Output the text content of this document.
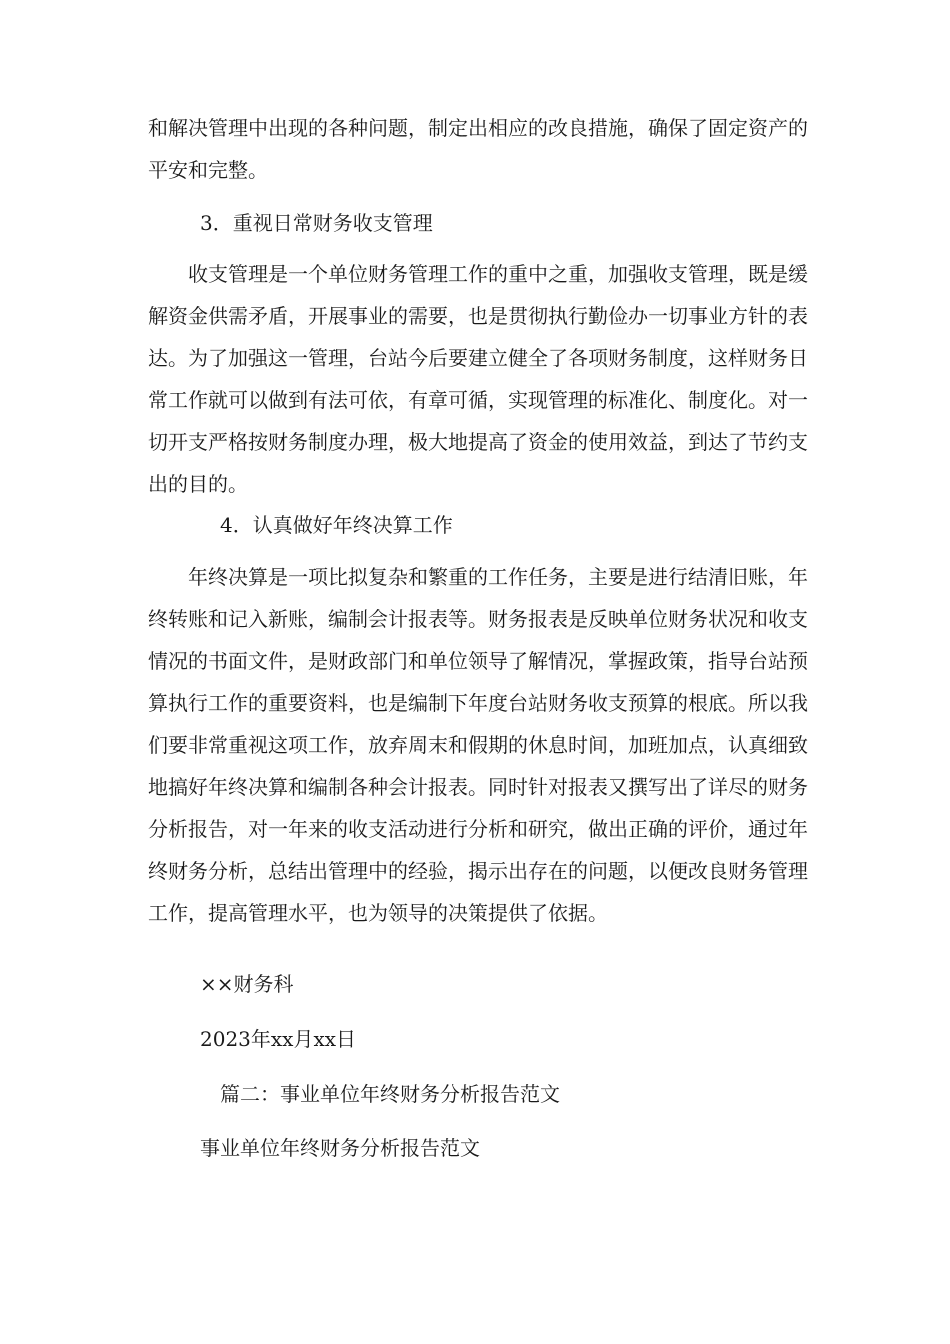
和解决管理中出现的各种问题，制定出相应的改良措施，确保了固定资产的平安和完整。

3．重视日常财务收支管理

收支管理是一个单位财务管理工作的重中之重，加强收支管理，既是缓解资金供需矛盾，开展事业的需要，也是贯彻执行勤俭办一切事业方针的表达。为了加强这一管理，台站今后要建立健全了各项财务制度，这样财务日常工作就可以做到有法可依，有章可循，实现管理的标准化、制度化。对一切开支严格按财务制度办理，极大地提高了资金的使用效益，到达了节约支出的目的。

4．认真做好年终决算工作

年终决算是一项比拟复杂和繁重的工作任务，主要是进行结清旧账，年终转账和记入新账，编制会计报表等。财务报表是反映单位财务状况和收支情况的书面文件，是财政部门和单位领导了解情况，掌握政策，指导台站预算执行工作的重要资料，也是编制下年度台站财务收支预算的根底。所以我们要非常重视这项工作，放弃周末和假期的休息时间，加班加点，认真细致地搞好年终决算和编制各种会计报表。同时针对报表又撰写出了详尽的财务分析报告，对一年来的收支活动进行分析和研究，做出正确的评价，通过年终财务分析，总结出管理中的经验，揭示出存在的问题，以便改良财务管理工作，提高管理水平，也为领导的决策提供了依据。

××财务科

2023年xx月xx日

篇二：事业单位年终财务分析报告范文

事业单位年终财务分析报告范文
